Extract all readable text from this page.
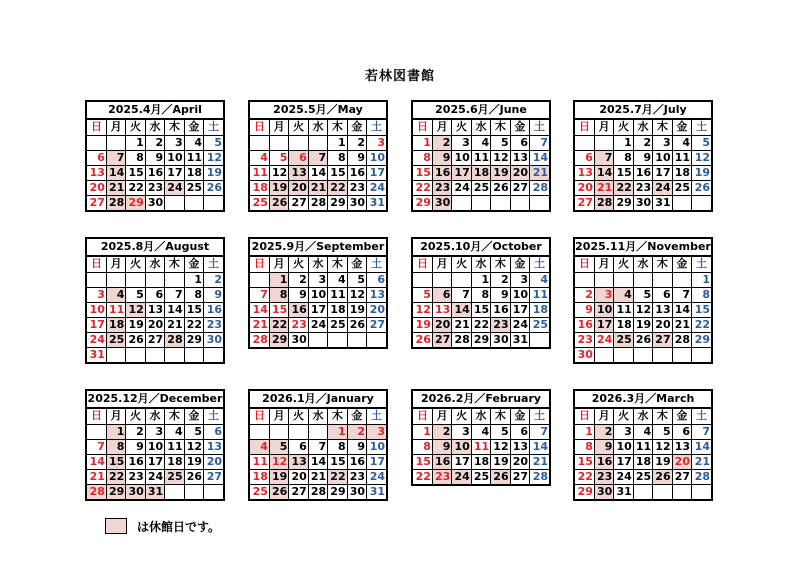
若林図書館
2025.4月／April
日	月	火	水	木	金	土
		1	2	3	4	5
6	7	8	9	10	11	12
13	14	15	16	17	18	19
20	21	22	23	24	25	26
27	28	29	30			
2025.5月／May
日	月	火	水	木	金	土
				1	2	3
4	5	6	7	8	9	10
11	12	13	14	15	16	17
18	19	20	21	22	23	24
25	26	27	28	29	30	31
2025.6月／June
日	月	火	水	木	金	土
1	2	3	4	5	6	7
8	9	10	11	12	13	14
15	16	17	18	19	20	21
22	23	24	25	26	27	28
29	30					
2025.7月／July
日	月	火	水	木	金	土
		1	2	3	4	5
6	7	8	9	10	11	12
13	14	15	16	17	18	19
20	21	22	23	24	25	26
27	28	29	30	31		
2025.8月／August
日	月	火	水	木	金	土
					1	2
3	4	5	6	7	8	9
10	11	12	13	14	15	16
17	18	19	20	21	22	23
24	25	26	27	28	29	30
31						
2025.9月／September
日	月	火	水	木	金	土
	1	2	3	4	5	6
7	8	9	10	11	12	13
14	15	16	17	18	19	20
21	22	23	24	25	26	27
28	29	30				
2025.10月／October
日	月	火	水	木	金	土
			1	2	3	4
5	6	7	8	9	10	11
12	13	14	15	16	17	18
19	20	21	22	23	24	25
26	27	28	29	30	31	
2025.11月／November
日	月	火	水	木	金	土
						1
2	3	4	5	6	7	8
9	10	11	12	13	14	15
16	17	18	19	20	21	22
23	24	25	26	27	28	29
30						
2025.12月／December
日	月	火	水	木	金	土
	1	2	3	4	5	6
7	8	9	10	11	12	13
14	15	16	17	18	19	20
21	22	23	24	25	26	27
28	29	30	31			
2026.1月／January
日	月	火	水	木	金	土
				1	2	3
4	5	6	7	8	9	10
11	12	13	14	15	16	17
18	19	20	21	22	23	24
25	26	27	28	29	30	31
2026.2月／February
日	月	火	水	木	金	土
1	2	3	4	5	6	7
8	9	10	11	12	13	14
15	16	17	18	19	20	21
22	23	24	25	26	27	28
2026.3月／March
日	月	火	水	木	金	土
1	2	3	4	5	6	7
8	9	10	11	12	13	14
15	16	17	18	19	20	21
22	23	24	25	26	27	28
29	30	31				
は休館日です。
